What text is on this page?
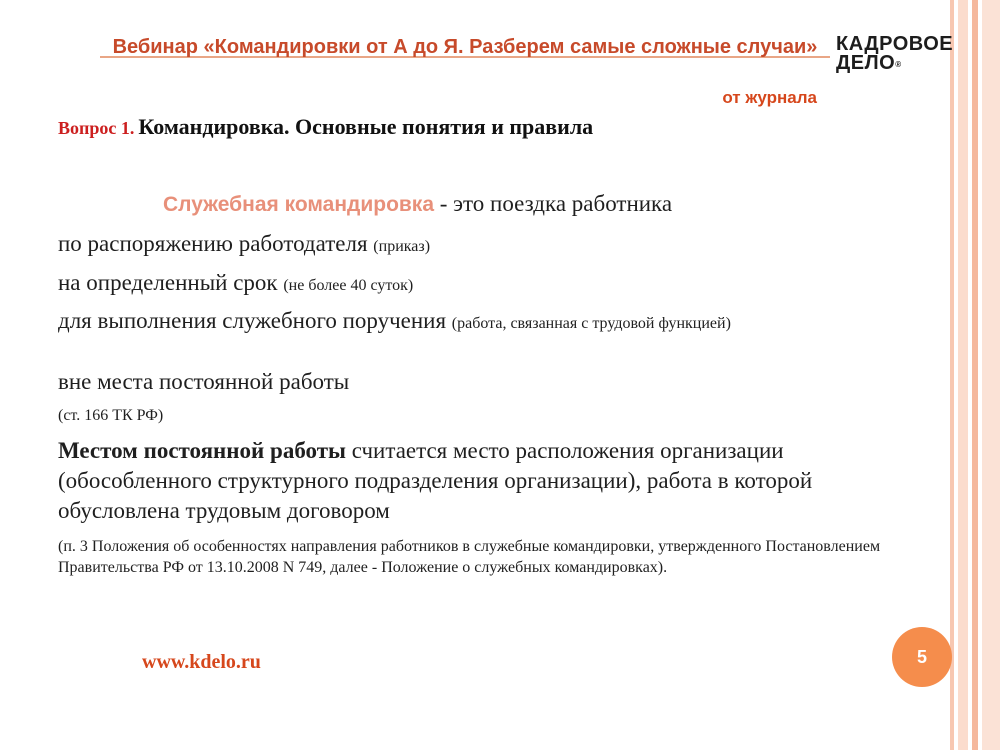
Вебинар «Командировки от А до Я. Разберем самые сложные случаи» КАДРОВОЕ
ДЕЛО®
от журнала
Вопрос 1. Командировка. Основные понятия и правила
Служебная командировка - это поездка работника
по распоряжению работодателя (приказ)
на определенный срок (не более 40 суток)
для выполнения служебного поручения (работа, связанная с трудовой функцией)
вне места постоянной работы
(ст. 166 ТК РФ)
Местом постоянной работы считается место расположения организации (обособленного структурного подразделения организации), работа в которой обусловлена трудовым договором
(п. 3 Положения об особенностях направления работников в служебные командировки, утвержденного Постановлением Правительства РФ от 13.10.2008 N 749, далее - Положение о служебных командировках).
www.kdelo.ru	5
